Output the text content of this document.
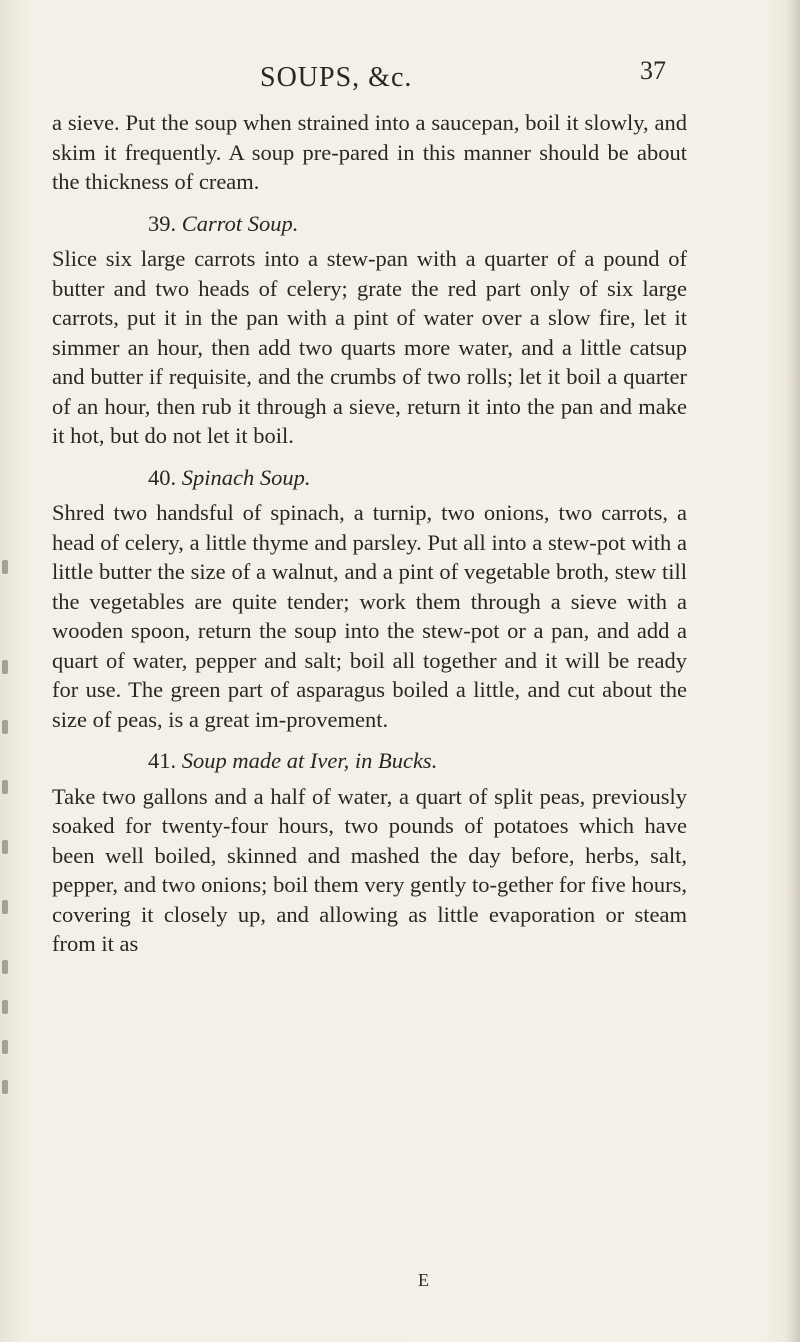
SOUPS, &c.	37

a sieve. Put the soup when strained into a saucepan, boil it slowly, and skim it frequently. A soup pre-pared in this manner should be about the thickness of cream.

39. Carrot Soup.

Slice six large carrots into a stew-pan with a quarter of a pound of butter and two heads of celery; grate the red part only of six large carrots, put it in the pan with a pint of water over a slow fire, let it simmer an hour, then add two quarts more water, and a little catsup and butter if requisite, and the crumbs of two rolls; let it boil a quarter of an hour, then rub it through a sieve, return it into the pan and make it hot, but do not let it boil.

40. Spinach Soup.

Shred two handsful of spinach, a turnip, two onions, two carrots, a head of celery, a little thyme and parsley. Put all into a stew-pot with a little butter the size of a walnut, and a pint of vegetable broth, stew till the vegetables are quite tender; work them through a sieve with a wooden spoon, return the soup into the stew-pot or a pan, and add a quart of water, pepper and salt; boil all together and it will be ready for use. The green part of asparagus boiled a little, and cut about the size of peas, is a great im-provement.

41. Soup made at Iver, in Bucks.

Take two gallons and a half of water, a quart of split peas, previously soaked for twenty-four hours, two pounds of potatoes which have been well boiled, skinned and mashed the day before, herbs, salt, pepper, and two onions; boil them very gently to-gether for five hours, covering it closely up, and allowing as little evaporation or steam from it as

E
